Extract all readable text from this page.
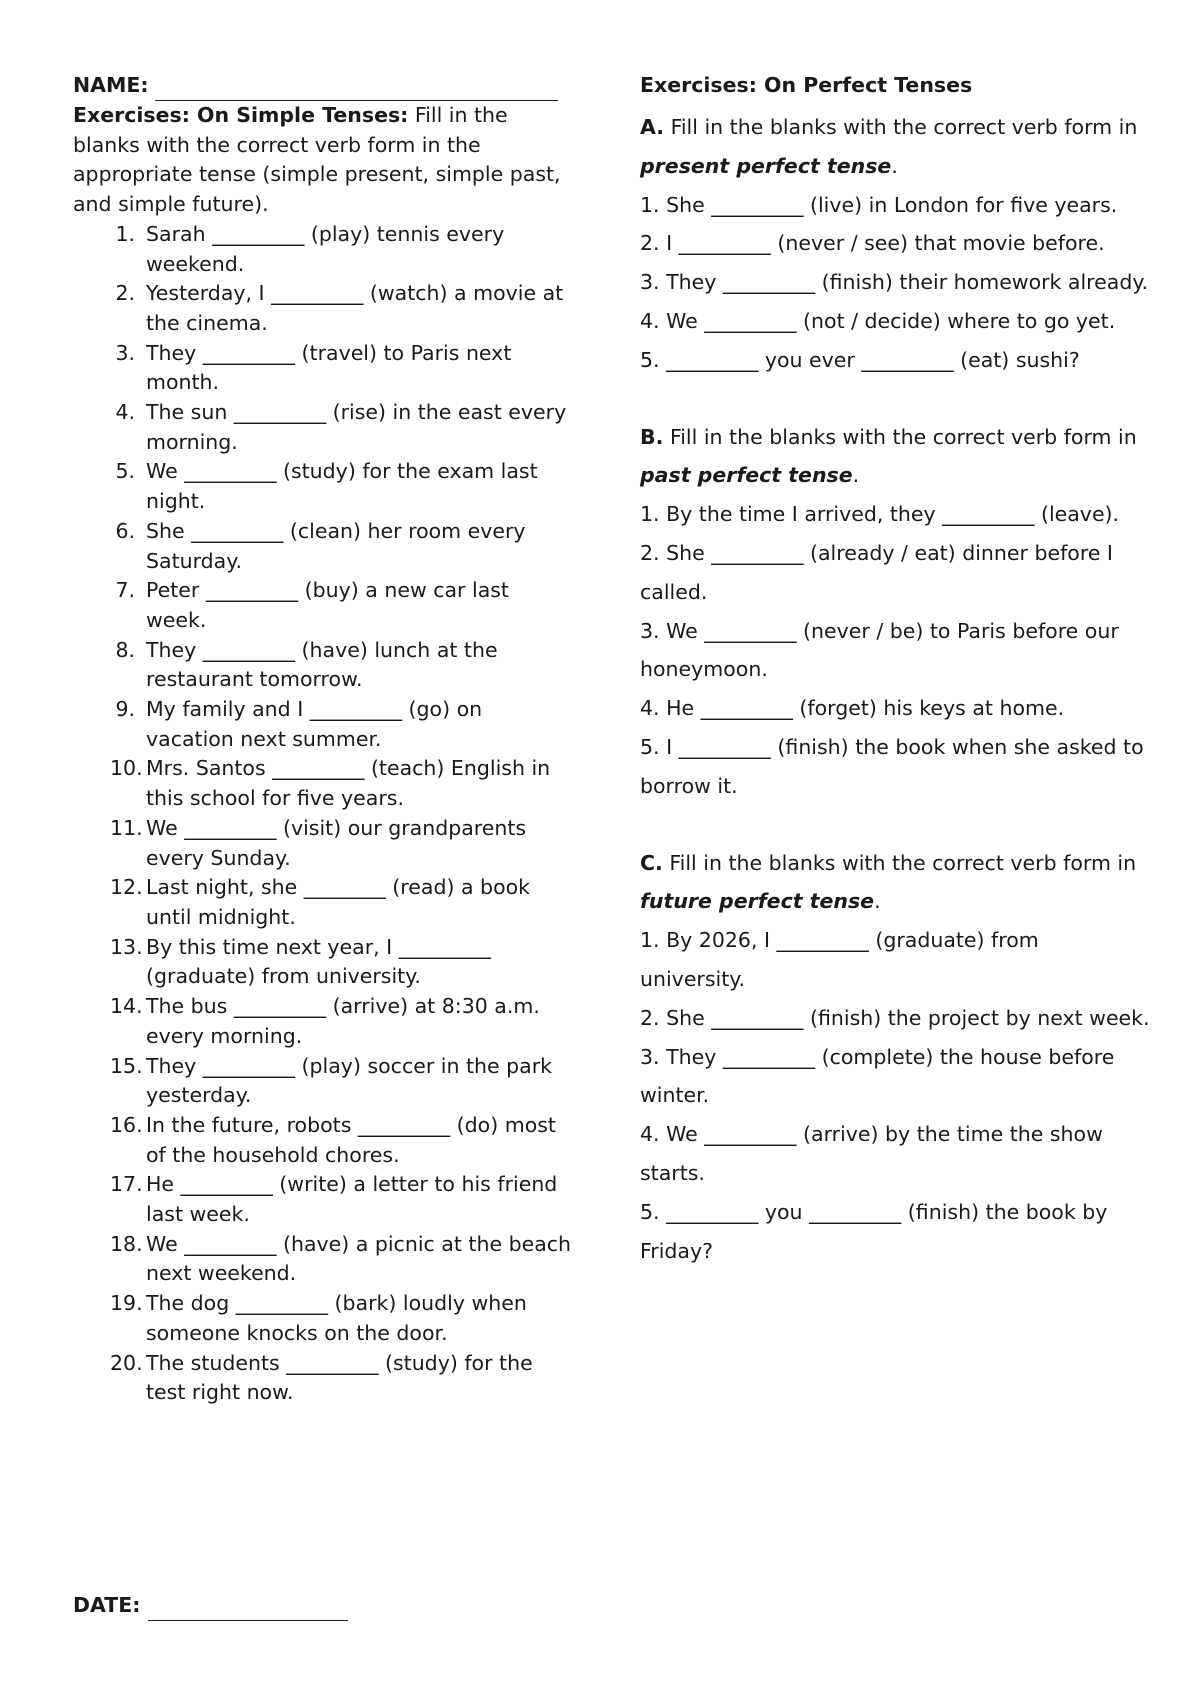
NAME:
Exercises: On Simple Tenses: Fill in the blanks with the correct verb form in the appropriate tense (simple present, simple past, and simple future).
1. Sarah _________ (play) tennis every weekend.
2. Yesterday, I _________ (watch) a movie at the cinema.
3. They _________ (travel) to Paris next month.
4. The sun _________ (rise) in the east every morning.
5. We _________ (study) for the exam last night.
6. She _________ (clean) her room every Saturday.
7. Peter _________ (buy) a new car last week.
8. They _________ (have) lunch at the restaurant tomorrow.
9. My family and I _________ (go) on vacation next summer.
10. Mrs. Santos _________ (teach) English in this school for five years.
11. We _________ (visit) our grandparents every Sunday.
12. Last night, she ________ (read) a book until midnight.
13. By this time next year, I _________ (graduate) from university.
14. The bus _________ (arrive) at 8:30 a.m. every morning.
15. They _________ (play) soccer in the park yesterday.
16. In the future, robots _________ (do) most of the household chores.
17. He _________ (write) a letter to his friend last week.
18. We _________ (have) a picnic at the beach next weekend.
19. The dog _________ (bark) loudly when someone knocks on the door.
20. The students _________ (study) for the test right now.
Exercises: On Perfect Tenses

A. Fill in the blanks with the correct verb form in present perfect tense.

1. She _________ (live) in London for five years.

2. I _________ (never / see) that movie before.

3. They _________ (finish) their homework already.

4. We _________ (not / decide) where to go yet.

5. _________ you ever _________ (eat) sushi?

B. Fill in the blanks with the correct verb form in past perfect tense.

1. By the time I arrived, they _________ (leave).

2. She _________ (already / eat) dinner before I called.

3. We _________ (never / be) to Paris before our honeymoon.

4. He _________ (forget) his keys at home.

5. I _________ (finish) the book when she asked to borrow it.

C. Fill in the blanks with the correct verb form in future perfect tense.

1. By 2026, I _________ (graduate) from university.

2. She _________ (finish) the project by next week.

3. They _________ (complete) the house before winter.

4. We _________ (arrive) by the time the show starts.

5. _________ you _________ (finish) the book by Friday?

DATE:
